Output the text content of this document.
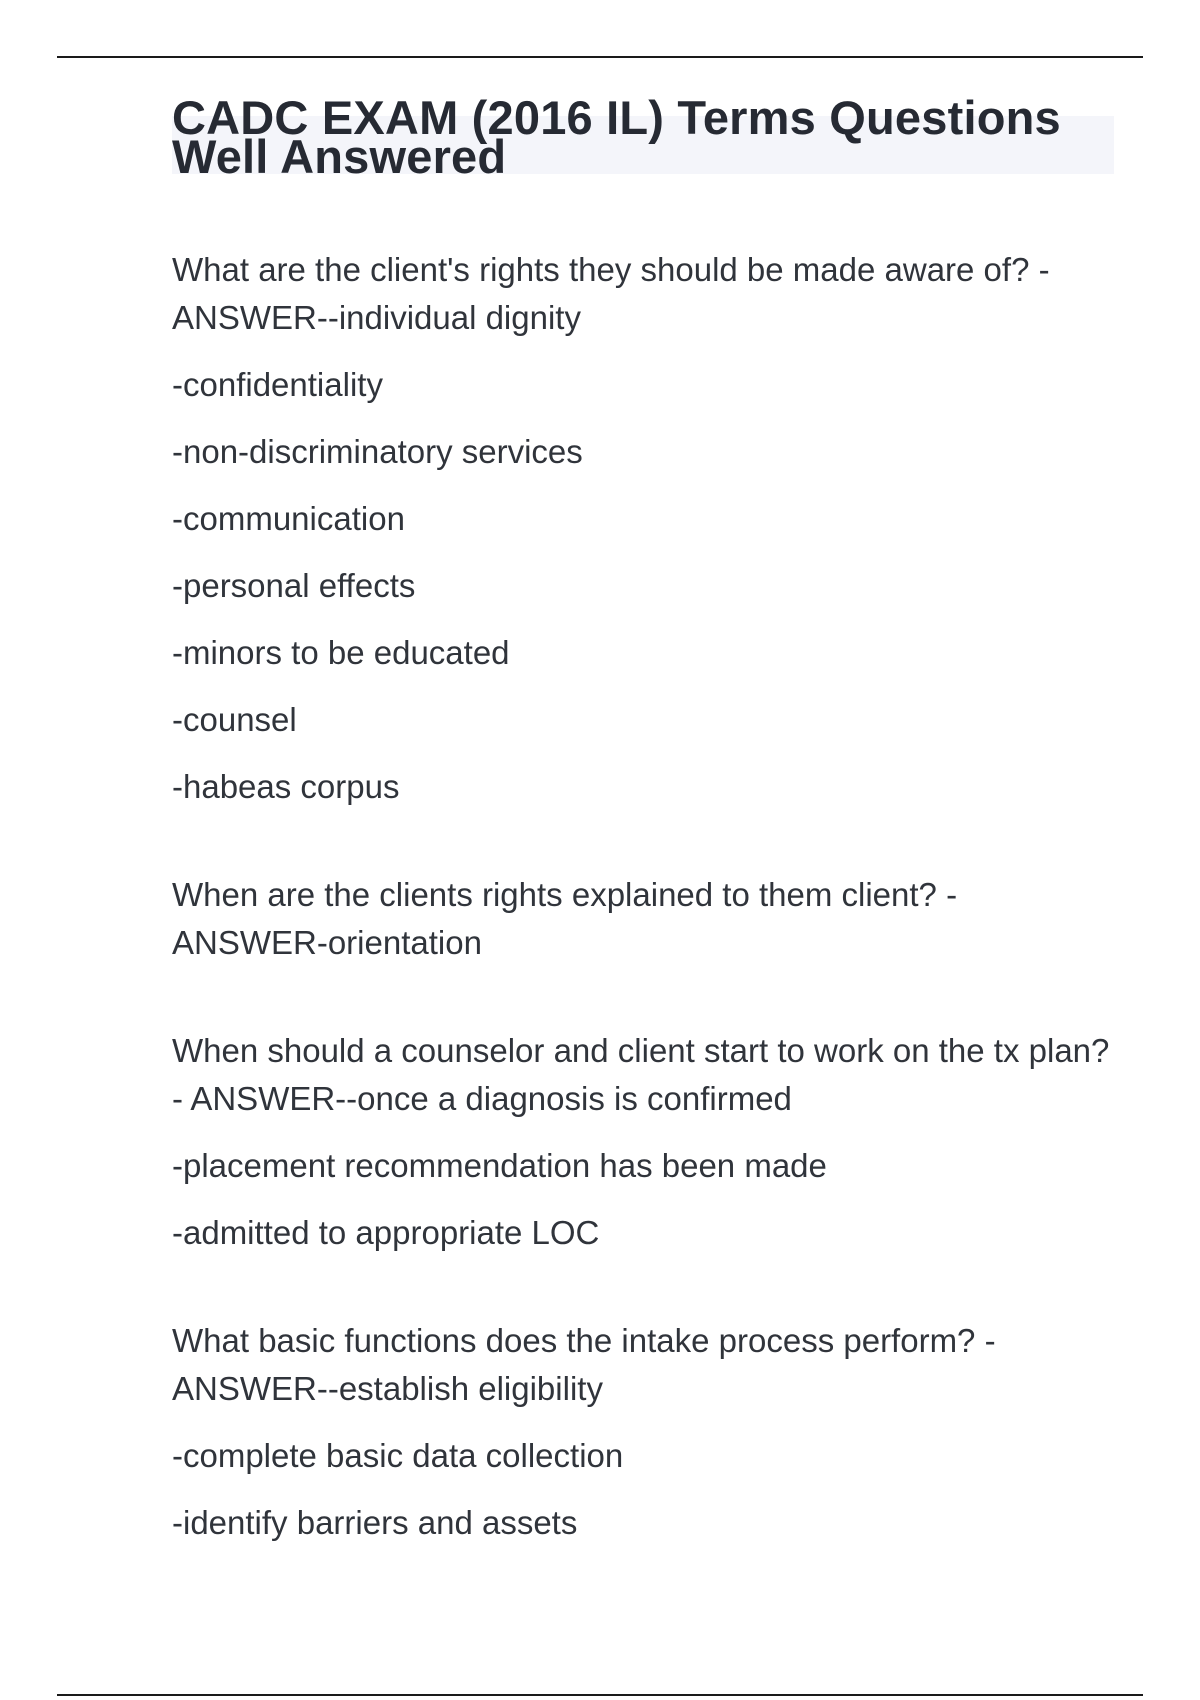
CADC EXAM (2016 IL) Terms Questions Well Answered

What are the client's rights they should be made aware of? - ANSWER--individual dignity

-confidentiality
-non-discriminatory services
-communication
-personal effects
-minors to be educated
-counsel
-habeas corpus

When are the clients rights explained to them client? - ANSWER-orientation

When should a counselor and client start to work on the tx plan? - ANSWER--once a diagnosis is confirmed

-placement recommendation has been made
-admitted to appropriate LOC

What basic functions does the intake process perform? - ANSWER--establish eligibility

-complete basic data collection
-identify barriers and assets
